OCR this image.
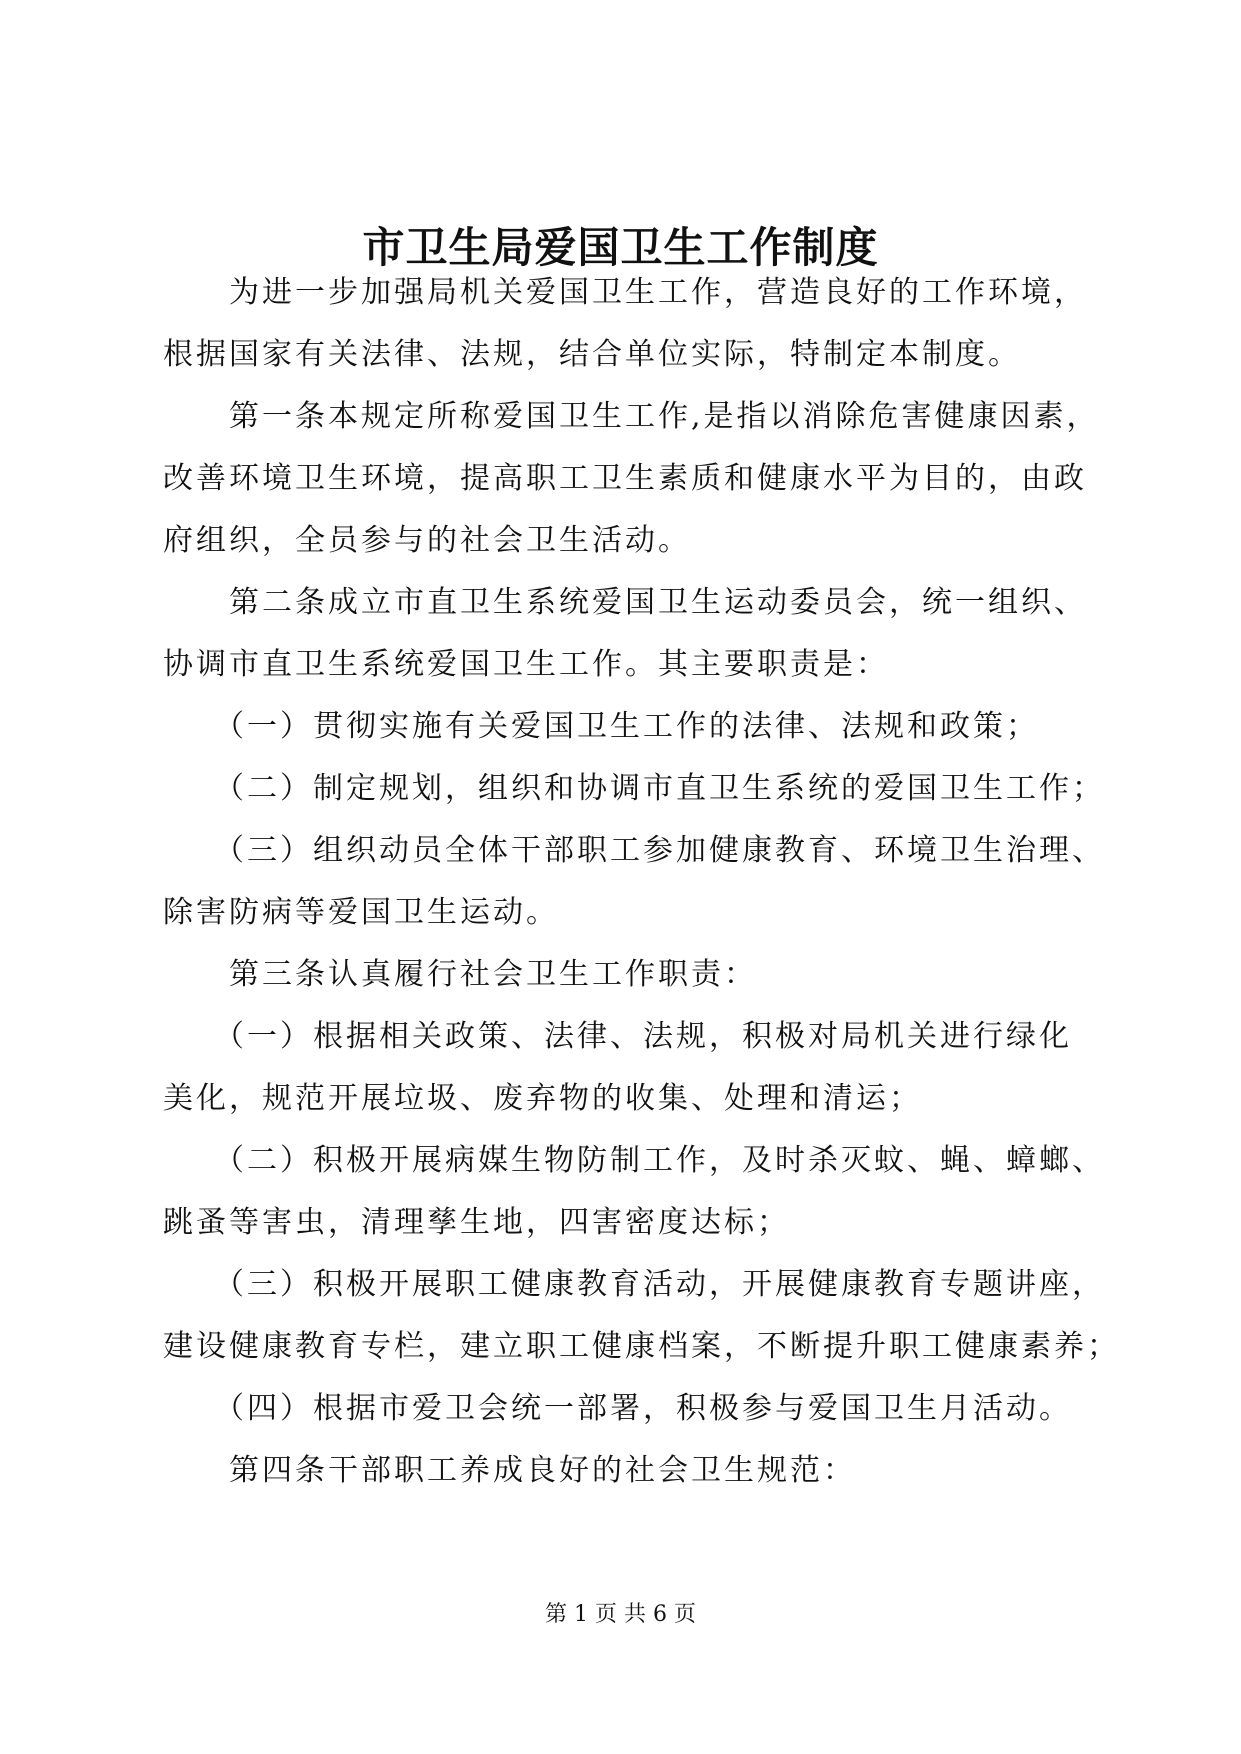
市卫生局爱国卫生工作制度
　　为进一步加强局机关爱国卫生工作，营造良好的工作环境，
根据国家有关法律、法规，结合单位实际，特制定本制度。
　　第一条本规定所称爱国卫生工作,是指以消除危害健康因素，
改善环境卫生环境，提高职工卫生素质和健康水平为目的，由政
府组织，全员参与的社会卫生活动。
　　第二条成立市直卫生系统爱国卫生运动委员会，统一组织、
协调市直卫生系统爱国卫生工作。其主要职责是：
　　（一）贯彻实施有关爱国卫生工作的法律、法规和政策；
　　（二）制定规划，组织和协调市直卫生系统的爱国卫生工作；
　　（三）组织动员全体干部职工参加健康教育、环境卫生治理、
除害防病等爱国卫生运动。
　　第三条认真履行社会卫生工作职责：
　　（一）根据相关政策、法律、法规，积极对局机关进行绿化
美化，规范开展垃圾、废弃物的收集、处理和清运；
　　（二）积极开展病媒生物防制工作，及时杀灭蚊、蝇、蟑螂、
跳蚤等害虫，清理孳生地，四害密度达标；
　　（三）积极开展职工健康教育活动，开展健康教育专题讲座，
建设健康教育专栏，建立职工健康档案，不断提升职工健康素养；
　　（四）根据市爱卫会统一部署，积极参与爱国卫生月活动。
　　第四条干部职工养成良好的社会卫生规范：
第 1 页 共 6 页
